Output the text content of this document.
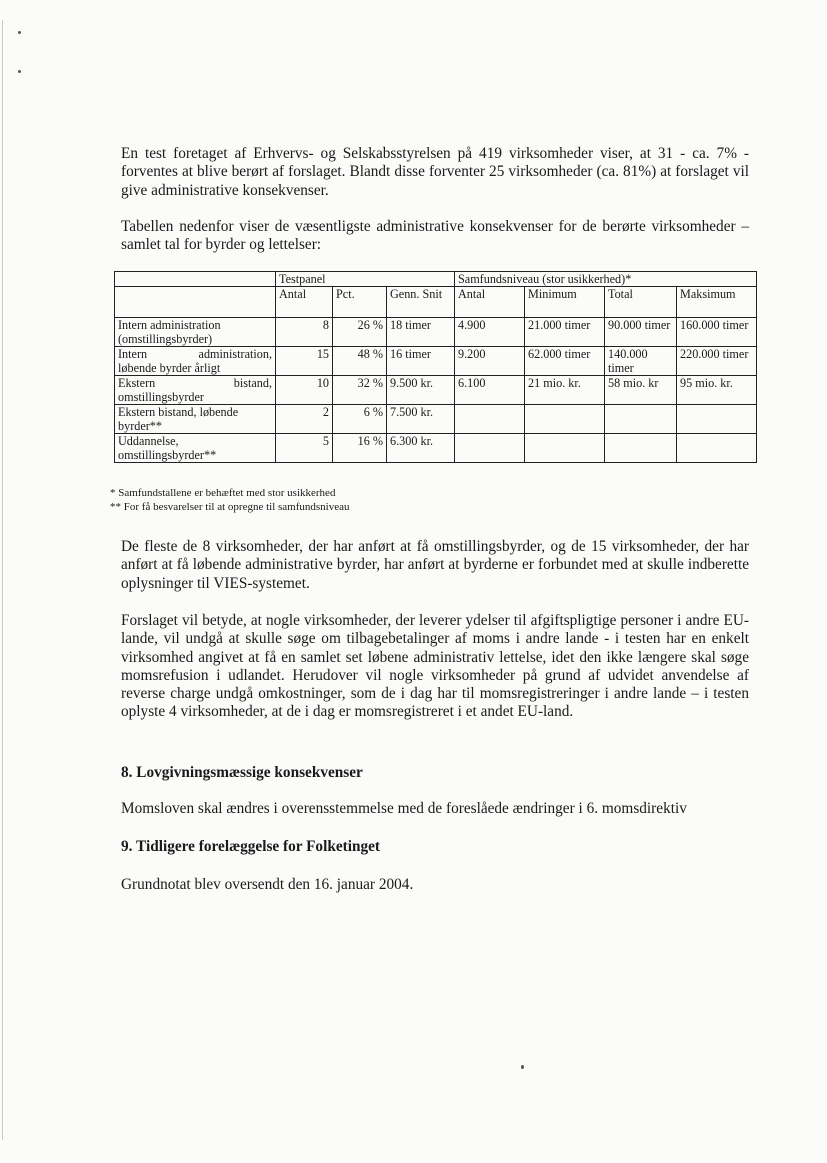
En test foretaget af Erhvervs- og Selskabsstyrelsen på 419 virksomheder viser, at 31 - ca. 7% - forventes at blive berørt af forslaget. Blandt disse forventer 25 virksomheder (ca. 81%) at forslaget vil give administrative konsekvenser.

Tabellen nedenfor viser de væsentligste administrative konsekvenser for de berørte virksomheder – samlet tal for byrder og lettelser:

	Testpanel			Samfundsniveau (stor usikkerhed)*			
	Antal	Pct.	Genn. Snit	Antal	Minimum	Total	Maksimum
Intern administration (omstillingsbyrder)	8	26 %	18 timer	4.900	21.000 timer	90.000 timer	160.000 timer

Intern administration,
løbende byrder årligt	15	48 %	16 timer	9.200	62.000 timer	140.000 timer	220.000 timer

Ekstern bistand,
omstillingsbyrder	10	32 %	9.500 kr.	6.100	21 mio. kr.	58 mio. kr	95 mio. kr.
Ekstern bistand, løbende byrder**	2	6 %	7.500 kr.				
Uddannelse, omstillingsbyrder**	5	16 %	6.300 kr.				

* Samfundstallene er behæftet med stor usikkerhed

** For få besvarelser til at opregne til samfundsniveau

De fleste de 8 virksomheder, der har anført at få omstillingsbyrder, og de 15 virksomheder, der har anført at få løbende administrative byrder, har anført at byrderne er forbundet med at skulle indberette oplysninger til VIES-systemet.

Forslaget vil betyde, at nogle virksomheder, der leverer ydelser til afgiftspligtige personer i andre EU-lande, vil undgå at skulle søge om tilbagebetalinger af moms i andre lande - i testen har en enkelt virksomhed angivet at få en samlet set løbene administrativ lettelse, idet den ikke længere skal søge momsrefusion i udlandet. Herudover vil nogle virksomheder på grund af udvidet anvendelse af reverse charge undgå omkostninger, som de i dag har til momsregistreringer i andre lande – i testen oplyste 4 virksomheder, at de i dag er momsregistreret i et andet EU-land.

8. Lovgivningsmæssige konsekvenser

Momsloven skal ændres i overensstemmelse med de foreslåede ændringer i 6. momsdirektiv

9. Tidligere forelæggelse for Folketinget

Grundnotat blev oversendt den 16. januar 2004.
